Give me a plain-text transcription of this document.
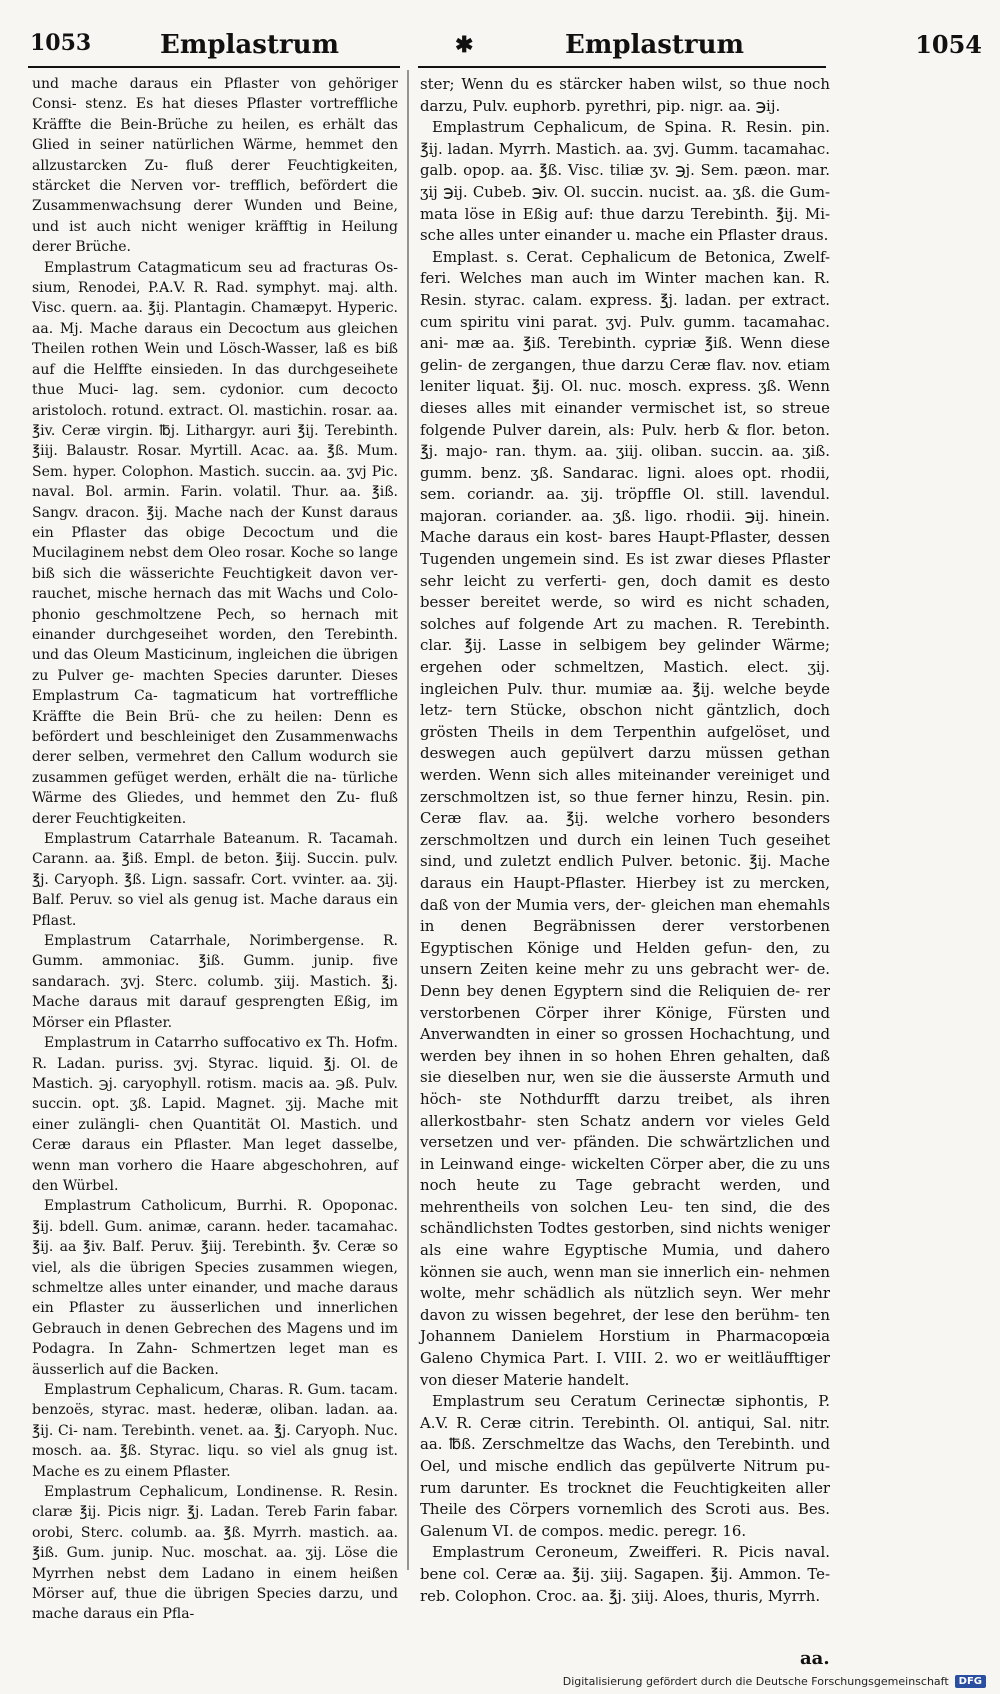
1053	Emplastrum	✱	Emplastrum	1054

und mache daraus ein Pflaster von gehöriger Consi- stenz. Es hat dieses Pflaster vortreffliche Kräffte die Bein-Brüche zu heilen, es erhält das Glied in seiner natürlichen Wärme, hemmet den allzustarcken Zu- fluß derer Feuchtigkeiten, stärcket die Nerven vor- trefflich, befördert die Zusammenwachsung derer Wunden und Beine, und ist auch nicht weniger kräfftig in Heilung derer Brüche.

Emplastrum Catagmaticum seu ad fracturas Os- sium, Renodei, P.A.V. R. Rad. symphyt. maj. alth. Visc. quern. aa. ℥ij. Plantagin. Chamæpyt. Hyperic. aa. Mj. Mache daraus ein Decoctum aus gleichen Theilen rothen Wein und Lösch-Wasser, laß es biß auf die Helffte einsieden. In das durchgeseihete thue Muci- lag. sem. cydonior. cum decocto aristoloch. rotund. extract. Ol. mastichin. rosar. aa. ℥iv. Ceræ virgin. ℔j. Lithargyr. auri ℥ij. Terebinth. ℥iij. Balaustr. Rosar. Myrtill. Acac. aa. ℥ß. Mum. Sem. hyper. Colophon. Mastich. succin. aa. ʒvj Pic. naval. Bol. armin. Farin. volatil. Thur. aa. ℥iß. Sangv. dracon. ℥ij. Mache nach der Kunst daraus ein Pflaster das obige Decoctum und die Mucilaginem nebst dem Oleo rosar. Koche so lange biß sich die wässerichte Feuchtigkeit davon ver- rauchet, mische hernach das mit Wachs und Colo- phonio geschmoltzene Pech, so hernach mit einander durchgeseihet worden, den Terebinth. und das Oleum Masticinum, ingleichen die übrigen zu Pulver ge- machten Species darunter. Dieses Emplastrum Ca- tagmaticum hat vortreffliche Kräffte die Bein Brü- che zu heilen: Denn es befördert und beschleiniget den Zusammenwachs derer selben, vermehret den Callum wodurch sie zusammen gefüget werden, erhält die na- türliche Wärme des Gliedes, und hemmet den Zu- fluß derer Feuchtigkeiten.

Emplastrum Catarrhale Bateanum. R. Tacamah. Carann. aa. ℥iß. Empl. de beton. ℥iij. Succin. pulv. ℥j. Caryoph. ℥ß. Lign. sassafr. Cort. vvinter. aa. ʒij. Balf. Peruv. so viel als genug ist. Mache daraus ein Pflast.

Emplastrum Catarrhale, Norimbergense. R. Gumm. ammoniac. ℥iß. Gumm. junip. five sandarach. ʒvj. Sterc. columb. ʒiij. Mastich. ℥j. Mache daraus mit darauf gesprengten Eßig, im Mörser ein Pflaster.

Emplastrum in Catarrho suffocativo ex Th. Hofm. R. Ladan. puriss. ʒvj. Styrac. liquid. ℥j. Ol. de Mastich. ℈j. caryophyll. rotism. macis aa. ℈ß. Pulv. succin. opt. ʒß. Lapid. Magnet. ʒij. Mache mit einer zulängli- chen Quantität Ol. Mastich. und Ceræ daraus ein Pflaster. Man leget dasselbe, wenn man vorhero die Haare abgeschohren, auf den Würbel.

Emplastrum Catholicum, Burrhi. R. Opoponac. ℥ij. bdell. Gum. animæ, carann. heder. tacamahac. ℥ij. aa ℥iv. Balf. Peruv. ℥iij. Terebinth. ℥v. Ceræ so viel, als die übrigen Species zusammen wiegen, schmeltze alles unter einander, und mache daraus ein Pflaster zu äusserlichen und innerlichen Gebrauch in denen Gebrechen des Magens und im Podagra. In Zahn- Schmertzen leget man es äusserlich auf die Backen.

Emplastrum Cephalicum, Charas. R. Gum. tacam. benzoës, styrac. mast. hederæ, oliban. ladan. aa. ℥ij. Ci- nam. Terebinth. venet. aa. ℥j. Caryoph. Nuc. mosch. aa. ℥ß. Styrac. liqu. so viel als gnug ist. Mache es zu einem Pflaster.

Emplastrum Cephalicum, Londinense. R. Resin. claræ ℥ij. Picis nigr. ℥j. Ladan. Tereb Farin fabar. orobi, Sterc. columb. aa. ℥ß. Myrrh. mastich. aa. ℥iß. Gum. junip. Nuc. moschat. aa. ʒij. Löse die Myrrhen nebst dem Ladano in einem heißen Mörser auf, thue die übrigen Species darzu, und mache daraus ein Pfla-

ster; Wenn du es stärcker haben wilst, so thue noch darzu, Pulv. euphorb. pyrethri, pip. nigr. aa. ℈ij.

Emplastrum Cephalicum, de Spina. R. Resin. pin. ℥ij. ladan. Myrrh. Mastich. aa. ʒvj. Gumm. tacamahac. galb. opop. aa. ℥ß. Visc. tiliæ ʒv. ℈j. Sem. pæon. mar. ʒij ℈ij. Cubeb. ℈iv. Ol. succin. nucist. aa. ʒß. die Gum- mata löse in Eßig auf: thue darzu Terebinth. ℥ij. Mi- sche alles unter einander u. mache ein Pflaster draus.

Emplast. s. Cerat. Cephalicum de Betonica, Zwelf- feri. Welches man auch im Winter machen kan. R. Resin. styrac. calam. express. ℥j. ladan. per extract. cum spiritu vini parat. ʒvj. Pulv. gumm. tacamahac. ani- mæ aa. ℥iß. Terebinth. cypriæ ℥iß. Wenn diese gelin- de zergangen, thue darzu Ceræ flav. nov. etiam leniter liquat. ℥ij. Ol. nuc. mosch. express. ʒß. Wenn dieses alles mit einander vermischet ist, so streue folgende Pulver darein, als: Pulv. herb & flor. beton. ℥j. majo- ran. thym. aa. ʒiij. oliban. succin. aa. ʒiß. gumm. benz. ʒß. Sandarac. ligni. aloes opt. rhodii, sem. coriandr. aa. ʒij. tröpffle Ol. still. lavendul. majoran. coriander. aa. ʒß. ligo. rhodii. ℈ij. hinein. Mache daraus ein kost- bares Haupt-Pflaster, dessen Tugenden ungemein sind. Es ist zwar dieses Pflaster sehr leicht zu verferti- gen, doch damit es desto besser bereitet werde, so wird es nicht schaden, solches auf folgende Art zu machen. R. Terebinth. clar. ℥ij. Lasse in selbigem bey gelinder Wärme; ergehen oder schmeltzen, Mastich. elect. ʒij. ingleichen Pulv. thur. mumiæ aa. ℥ij. welche beyde letz- tern Stücke, obschon nicht gäntzlich, doch grösten Theils in dem Terpenthin aufgelöset, und deswegen auch gepülvert darzu müssen gethan werden. Wenn sich alles miteinander vereiniget und zerschmoltzen ist, so thue ferner hinzu, Resin. pin. Ceræ flav. aa. ℥ij. welche vorhero besonders zerschmoltzen und durch ein leinen Tuch geseihet sind, und zuletzt endlich Pulver. betonic. ℥ij. Mache daraus ein Haupt-Pflaster. Hierbey ist zu mercken, daß von der Mumia vers, der- gleichen man ehemahls in denen Begräbnissen derer verstorbenen Egyptischen Könige und Helden gefun- den, zu unsern Zeiten keine mehr zu uns gebracht wer- de. Denn bey denen Egyptern sind die Reliquien de- rer verstorbenen Cörper ihrer Könige, Fürsten und Anverwandten in einer so grossen Hochachtung, und werden bey ihnen in so hohen Ehren gehalten, daß sie dieselben nur, wen sie die äusserste Armuth und höch- ste Nothdurfft darzu treibet, als ihren allerkostbahr- sten Schatz andern vor vieles Geld versetzen und ver- pfänden. Die schwärtzlichen und in Leinwand einge- wickelten Cörper aber, die zu uns noch heute zu Tage gebracht werden, und mehrentheils von solchen Leu- ten sind, die des schändlichsten Todtes gestorben, sind nichts weniger als eine wahre Egyptische Mumia, und dahero können sie auch, wenn man sie innerlich ein- nehmen wolte, mehr schädlich als nützlich seyn. Wer mehr davon zu wissen begehret, der lese den berühm- ten Johannem Danielem Horstium in Pharmacopœia Galeno Chymica Part. I. VIII. 2. wo er weitläufftiger von dieser Materie handelt.

Emplastrum seu Ceratum Cerinectæ siphontis, P. A.V. R. Ceræ citrin. Terebinth. Ol. antiqui, Sal. nitr. aa. ℔ß. Zerschmeltze das Wachs, den Terebinth. und Oel, und mische endlich das gepülverte Nitrum pu- rum darunter. Es trocknet die Feuchtigkeiten aller Theile des Cörpers vornemlich des Scroti aus. Bes. Galenum VI. de compos. medic. peregr. 16.

Emplastrum Ceroneum, Zweifferi. R. Picis naval. bene col. Ceræ aa. ℥ij. ʒiij. Sagapen. ℥ij. Ammon. Te- reb. Colophon. Croc. aa. ℥j. ʒiij. Aloes, thuris, Myrrh.

aa.
Digitalisierung gefördert durch die Deutsche Forschungsgemeinschaft	DFG
